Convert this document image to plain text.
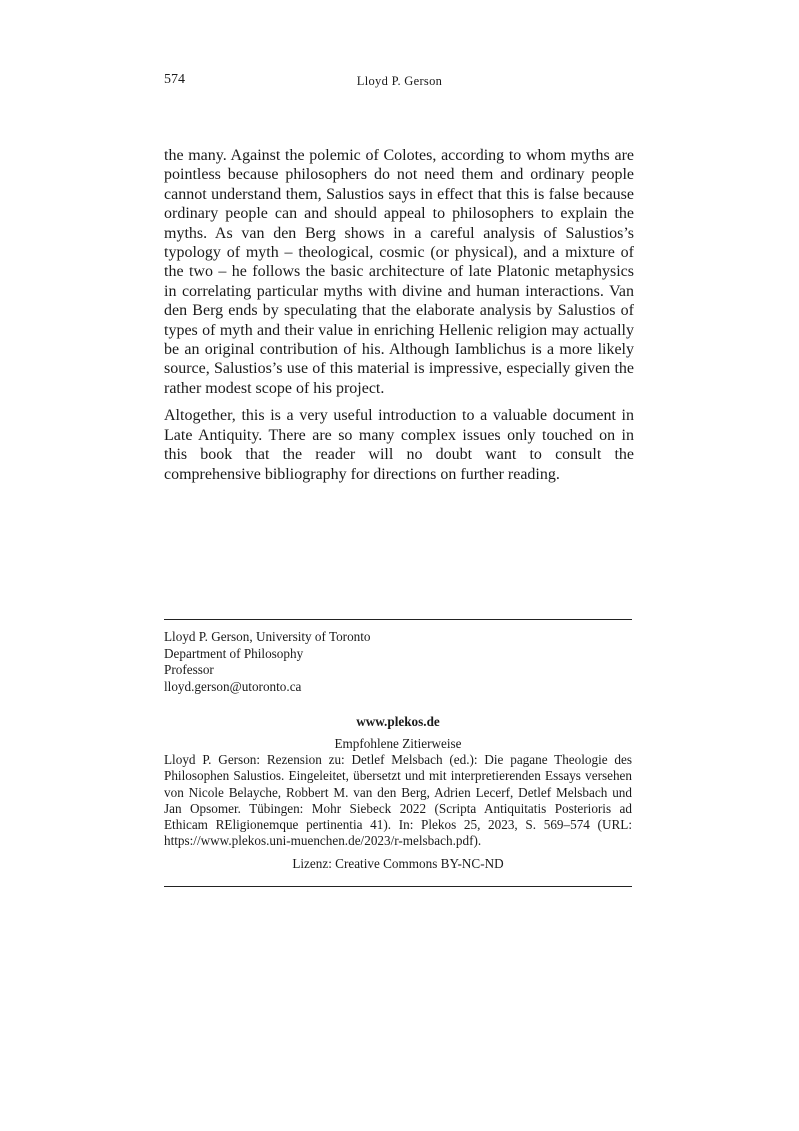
574	Lloyd P. Gerson

the many. Against the polemic of Colotes, according to whom myths are pointless because philosophers do not need them and ordinary people cannot understand them, Salustios says in effect that this is false because ordinary people can and should appeal to philosophers to explain the myths. As van den Berg shows in a careful analysis of Salustios’s typology of myth – theological, cosmic (or physical), and a mixture of the two – he follows the basic architecture of late Platonic metaphysics in correlating particular myths with divine and human interactions. Van den Berg ends by speculating that the elaborate analysis by Salustios of types of myth and their value in enriching Hellenic religion may actually be an original contribution of his. Although Iamblichus is a more likely source, Salustios’s use of this material is impressive, especially given the rather modest scope of his project.

Altogether, this is a very useful introduction to a valuable document in Late Antiquity. There are so many complex issues only touched on in this book that the reader will no doubt want to consult the comprehensive bibliography for directions on further reading.

Lloyd P. Gerson, University of Toronto
Department of Philosophy
Professor
lloyd.gerson@utoronto.ca
www.plekos.de
Empfohlene Zitierweise

Lloyd P. Gerson: Rezension zu: Detlef Melsbach (ed.): Die pagane Theologie des Philosophen Salustios. Eingeleitet, übersetzt und mit interpretierenden Essays versehen von Nicole Belayche, Robbert M. van den Berg, Adrien Lecerf, Detlef Melsbach und Jan Opsomer. Tübingen: Mohr Siebeck 2022 (Scripta Antiquitatis Posterioris ad Ethicam REligionemque pertinentia 41). In: Plekos 25, 2023, S. 569–574 (URL: https://www.plekos.uni-muenchen.de/2023/r-melsbach.pdf).

Lizenz: Creative Commons BY-NC-ND
